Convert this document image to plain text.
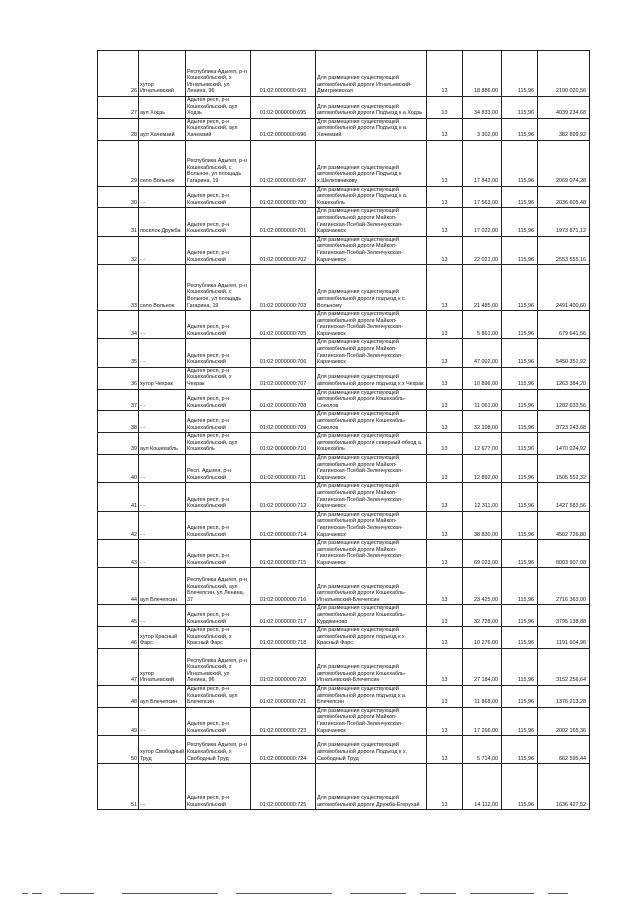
26	хутор Игнатьевский	Республика Адыгея, р-н Кошехабльский, х Игнатьевский, ул Ленина, 96	01:02:0000000:693	Для размещения существующей автомобильной дороги Игнатьевский-Дмитриевская	13	18 886,00	115,96	2190 020,56
27	аул Ходзь	Адыгея респ, р-н Кошехабльский, аул Ходзь	01:02:0000000:695	Для размещения существующей автомобильной дороги Подъезд к а Ходзь	13	34 833,00	115,96	4039 234,68
28	аул Хачемзий	Адыгея респ, р-н Кошехабльский, аул Хачемзий	01:02:0000000:696	Для размещения существующей автомобильной дороги Подъезд к а. Хачемзий	13	3 302,00	115,96	382 899,92
29	село Вольное	Республика Адыгея, р-н Кошехабльский, с Вольное, ул площадь Гагарина, 19	01:02:0000000:697	Для размещения существующей автомобильной дороги Подъезд к х.Шелковникову	13	17 843,00	115,96	2069 074,28
30	- -	Адыгея респ, р-н Кошехабльский	01:02:0000000:700	Для размещения существующей автомобильной дороги Подъезд к а. Кошехабль	13	17 563,00	115,96	2036 605,48
31	поселок Дружба	Адыгея респ, р-н Кошехабльский	01:02:0000000:701	Для размещения существующей автомобильной дороги Майкоп-Гиагинская-Псебай-Зеленчукская-Карачаевск	13	17 022,00	115,96	1973 871,12
32	- -	Адыгея респ, р-н Кошехабльский	01:02:0000000:702	Для размещения существующей автомобильной дороги Майкоп-Гиагинская-Псебай-Зеленчукская-Карачаевск	13	22 021,00	115,96	2553 555,16
33	село Вольное	Республика Адыгея, р-н Кошехабльский, с Вольное, ул площадь Гагарина, 19	01:02:0000000:703	Для размещения существующей автомобильной дороги подъезд к с. Вольному	13	21 485,00	115,96	2491 400,60
34	- -	Адыгея респ, р-н Кошехабльский	01:02:0000000:705	Для размещения существующей автомобильной дороги Майкоп-Гиагинская-Псебай-Зеленчукская-Карачаевск	13	5 861,00	115,96	679 641,56
35	- -	Адыгея респ, р-н Кошехабльский	01:02:0000000:706	Для размещения существующей автомобильной дороги Майкоп-Гиагинская-Псебай-Зеленчукская-Карачаевск	13	47 002,00	115,96	5450 351,92
36	хутор Чехрак	Адыгея респ, р-н Кошехабльский, х Чехрак	01:02:0000000:707	Для размещения существующей автомобильной дороги подъезд к х Чехрак	13	10 896,00	115,96	1263 384,20
37	- -	Адыгея респ, р-н Кошехабльский	01:02:0000000:708	Для размещения существующей автомобильной дороги Кошехабль-Соколов	13	11 061,00	115,96	1282 633,56
38	- -	Адыгея респ, р-н Кошехабльский	01:02:0000000:709	Для размещения существующей автомобильной дороги Кошехабль-Соколов	13	32 108,00	115,96	3723 243,68
39	аул Кошехабль	Адыгея респ, р-н Кошехабльский, аул Кошехабль	01:02:0000000:710	Для размещения существующей автомобильной дороги северный обход а. Кошехабль	13	12 677,00	115,96	1470 024,92
40	- -	Респ. Адыгея, р-н Кошехабльский	01:02:0000000:711	Для размещения существующей автомобильной дороги Майкоп-Гиагинская-Псебай-Зеленчукская-Карачаевск	13	12 892,00	115,96	1505 552,32
41	- -	Адыгея респ, р-н Кошехабльский	01:02:0000000:712	Для размещения существующей автомобильной дороги Майкоп-Гиагинская-Псебай-Зеленчукская-Карачаевск	13	12 311,00	115,96	1427 583,56
42	- -	Адыгея респ, р-н Кошехабльский	01:02:0000000:714	Для размещения существующей автомобильной дороги Майкоп-Гиагинская-Псебай-Зеленчукская-Карачаевск	13	38 830,00	115,96	4502 726,80
43	- -	Адыгея респ, р-н Кошехабльский	01:02:0000000:715	Для размещения существующей автомобильной дороги Майкоп-Гиагинская-Псебай-Зеленчукская-Карачаевск	13	69 023,00	115,96	8003 907,08
44	аул Блечепсин	Республика Адыгея, р-н Кошехабльский, аул Блечепсин, ул Ленина, 37	01:02:0000000:716	Для размещения существующей автомобильной дороги Кошехабль-Игнатьевский-Блечепсин	13	23 425,00	115,96	2716 363,00
45	- -	Адыгея респ, р-н Кошехабльский	01:02:0000000:717	Для размещения существующей автомобильной дороги Кошехабль-Курджиново	13	32 728,00	115,96	3795 138,88
46	хутор Красный Фарс	Адыгея респ, р-н Кошехабльский, х Красный Фарс	01:02:0000000:718	Для размещения существующей автомобильной дороги подъезд к х. Красный Фарс	13	10 276,00	115,96	1191 604,96
47	хутор Игнатьевский	Республика Адыгея, р-н Кошехабльский, х Игнатьевский, ул Ленина, 96	01:02:0000000:720	Для размещения существующей автомобильной дороги Кошехабль-Игнатьевский-Блечепсин	13	27 184,00	115,96	3152 256,64
48	аул Блечепсин	Адыгея респ, р-н Кошехабльский, аул Блечепсин	01:02:0000000:721	Для размещения существующей автомобильной дороги подъезд к а. Блечепсин	13	11 868,00	115,96	1376 213,28
49	- -	Адыгея респ, р-н Кошехабльский	01:02:0000000:723	Для размещения существующей автомобильной дороги Майкоп-Гиагинская-Псебай-Зеленчукская-Карачаевск	13	17 266,00	115,96	2002 165,36
50	хутор Свободный Труд	Республика Адыгея, р-н Кошехабльский, х Свободный Труд	01:02:0000000:724	Для размещения существующей автомобильной дороги Подъезд к х. Свободный Труд	13	5 714,00	115,96	662 595,44
51	- -	Адыгея респ, р-н Кошехабльский	01:02:0000000:725	Для размещения существующей автомобильной дороги Дружба-Егерухай	13	14 112,00	115,96	1636 427,52
